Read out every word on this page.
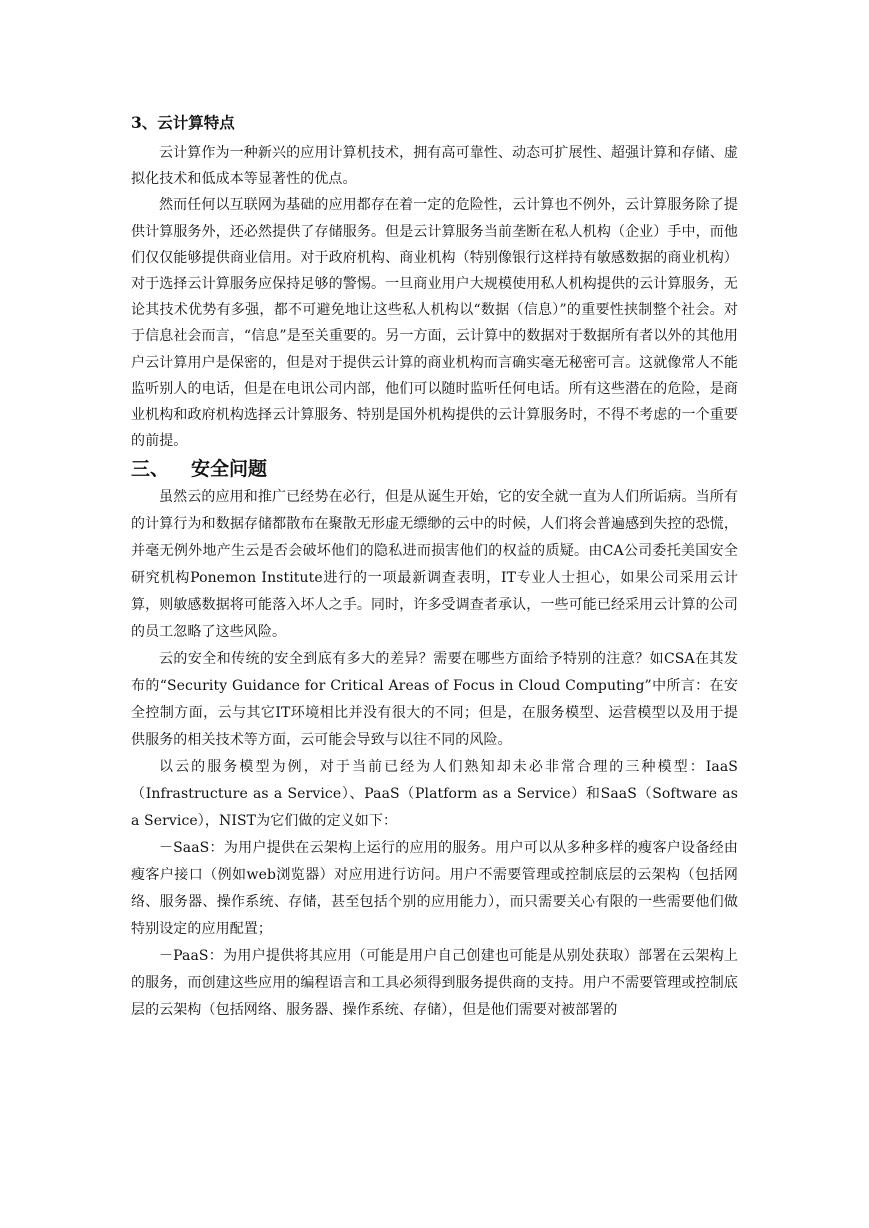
3、云计算特点

云计算作为一种新兴的应用计算机技术，拥有高可靠性、动态可扩展性、超强计算和存储、虚拟化技术和低成本等显著性的优点。

然而任何以互联网为基础的应用都存在着一定的危险性，云计算也不例外，云计算服务除了提供计算服务外，还必然提供了存储服务。但是云计算服务当前垄断在私人机构（企业）手中，而他们仅仅能够提供商业信用。对于政府机构、商业机构（特别像银行这样持有敏感数据的商业机构）对于选择云计算服务应保持足够的警惕。一旦商业用户大规模使用私人机构提供的云计算服务，无论其技术优势有多强，都不可避免地让这些私人机构以“数据（信息）”的重要性挟制整个社会。对于信息社会而言，“信息”是至关重要的。另一方面，云计算中的数据对于数据所有者以外的其他用户云计算用户是保密的，但是对于提供云计算的商业机构而言确实毫无秘密可言。这就像常人不能监听别人的电话，但是在电讯公司内部，他们可以随时监听任何电话。所有这些潜在的危险，是商业机构和政府机构选择云计算服务、特别是国外机构提供的云计算服务时，不得不考虑的一个重要的前提。

三、 安全问题

虽然云的应用和推广已经势在必行，但是从诞生开始，它的安全就一直为人们所诟病。当所有的计算行为和数据存储都散布在聚散无形虚无缥缈的云中的时候，人们将会普遍感到失控的恐慌，并毫无例外地产生云是否会破坏他们的隐私进而损害他们的权益的质疑。由CA公司委托美国安全研究机构Ponemon Institute进行的一项最新调查表明，IT专业人士担心，如果公司采用云计算，则敏感数据将可能落入坏人之手。同时，许多受调查者承认，一些可能已经采用云计算的公司的员工忽略了这些风险。

云的安全和传统的安全到底有多大的差异？需要在哪些方面给予特别的注意？如CSA在其发布的“Security Guidance for Critical Areas of Focus in Cloud Computing”中所言：在安全控制方面，云与其它IT环境相比并没有很大的不同；但是，在服务模型、运营模型以及用于提供服务的相关技术等方面，云可能会导致与以往不同的风险。

以云的服务模型为例，对于当前已经为人们熟知却未必非常合理的三种模型：IaaS（Infrastructure as a Service）、PaaS（Platform as a Service）和SaaS（Software as a Service），NIST为它们做的定义如下：

－SaaS：为用户提供在云架构上运行的应用的服务。用户可以从多种多样的瘦客户设备经由瘦客户接口（例如web浏览器）对应用进行访问。用户不需要管理或控制底层的云架构（包括网络、服务器、操作系统、存储，甚至包括个别的应用能力），而只需要关心有限的一些需要他们做特别设定的应用配置；

－PaaS：为用户提供将其应用（可能是用户自己创建也可能是从别处获取）部署在云架构上的服务，而创建这些应用的编程语言和工具必须得到服务提供商的支持。用户不需要管理或控制底层的云架构（包括网络、服务器、操作系统、存储），但是他们需要对被部署的
